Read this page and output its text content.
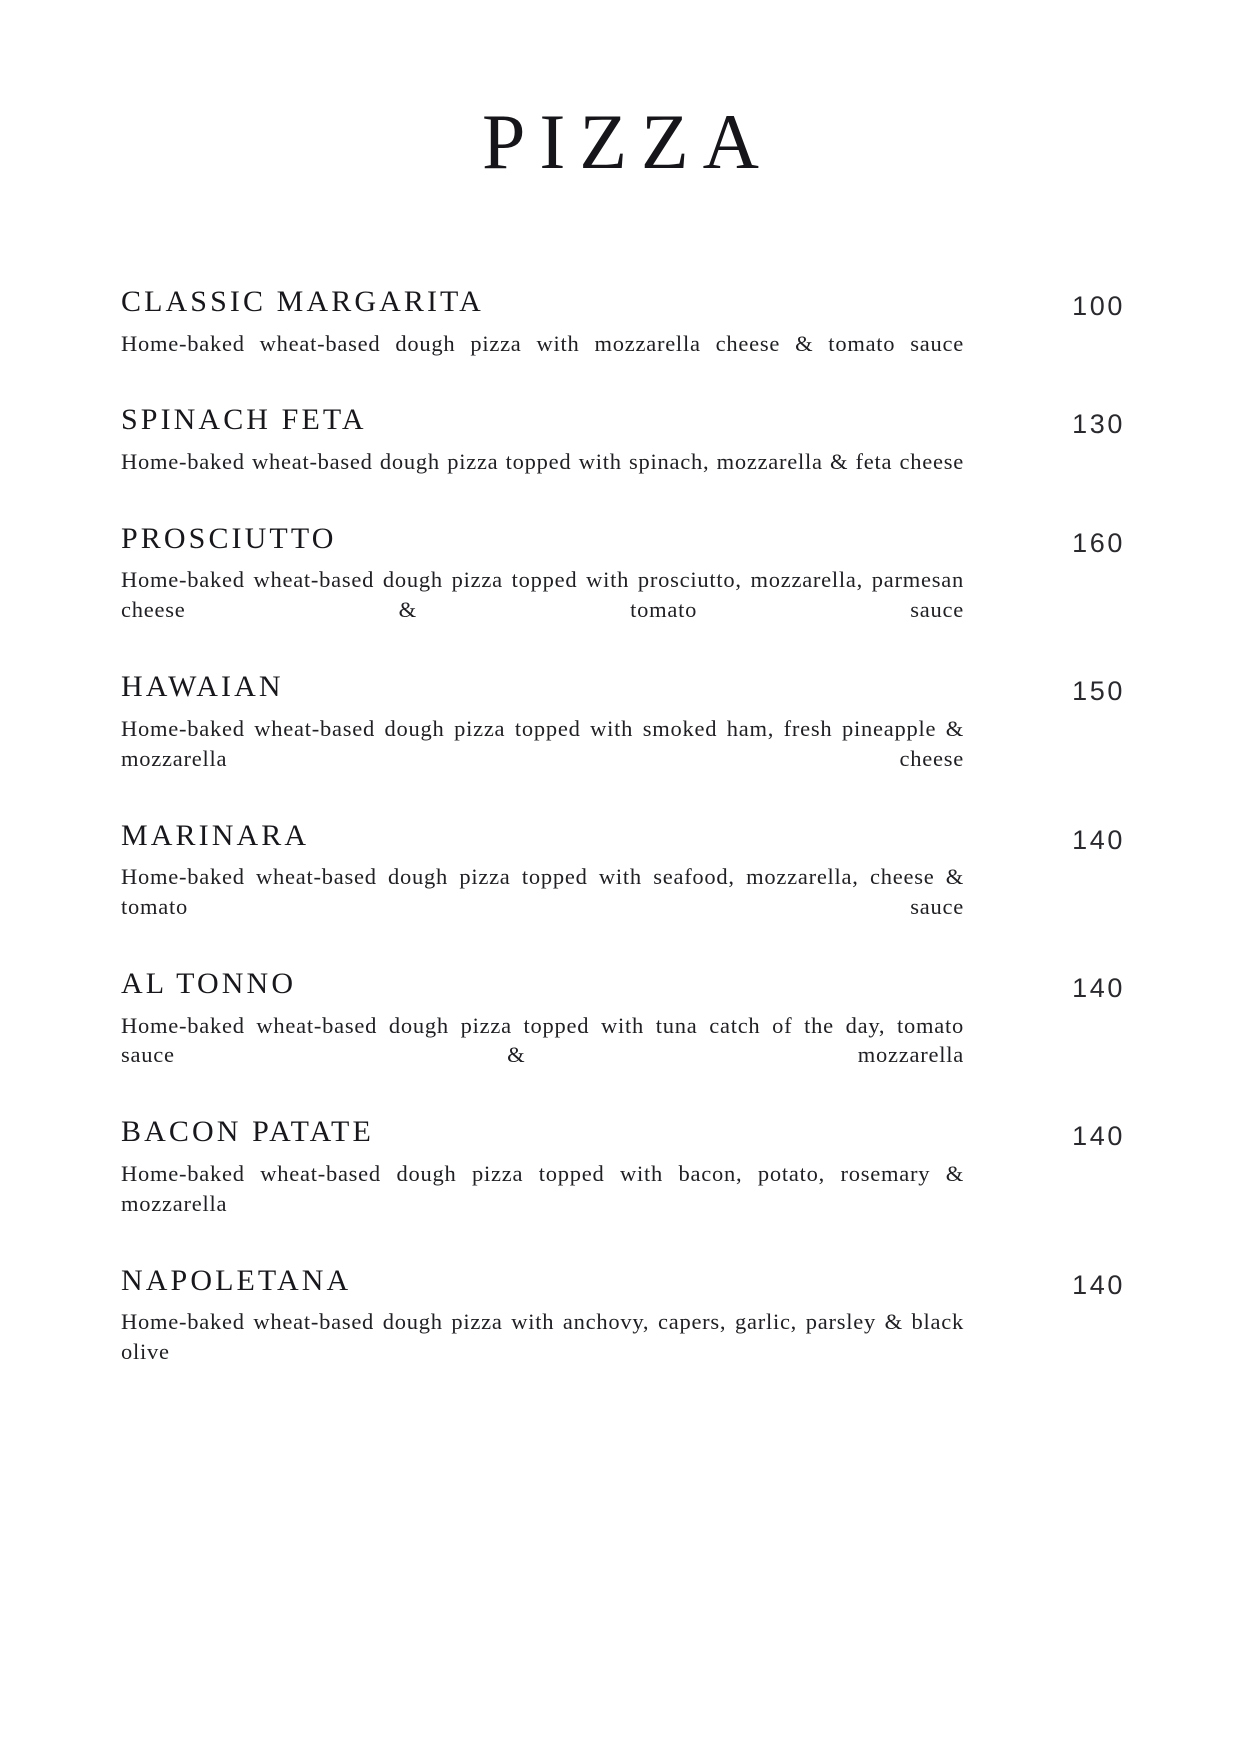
PIZZA
CLASSIC MARGARITA	100

Home-baked wheat-based dough pizza with mozzarella cheese & tomato sauce

SPINACH FETA	130

Home-baked wheat-based dough pizza topped with spinach, mozzarella & feta cheese

PROSCIUTTO	160

Home-baked wheat-based dough pizza topped with prosciutto, mozzarella, parmesan cheese & tomato sauce

HAWAIAN	150

Home-baked wheat-based dough pizza topped with smoked ham, fresh pineapple & mozzarella cheese

MARINARA	140

Home-baked wheat-based dough pizza topped with seafood, mozzarella, cheese & tomato sauce

AL TONNO	140

Home-baked wheat-based dough pizza topped with tuna catch of the day, tomato sauce & mozzarella

BACON PATATE	140

Home-baked wheat-based dough pizza topped with bacon, potato, rosemary & mozzarella

NAPOLETANA	140

Home-baked wheat-based dough pizza with anchovy, capers, garlic, parsley & black olive
